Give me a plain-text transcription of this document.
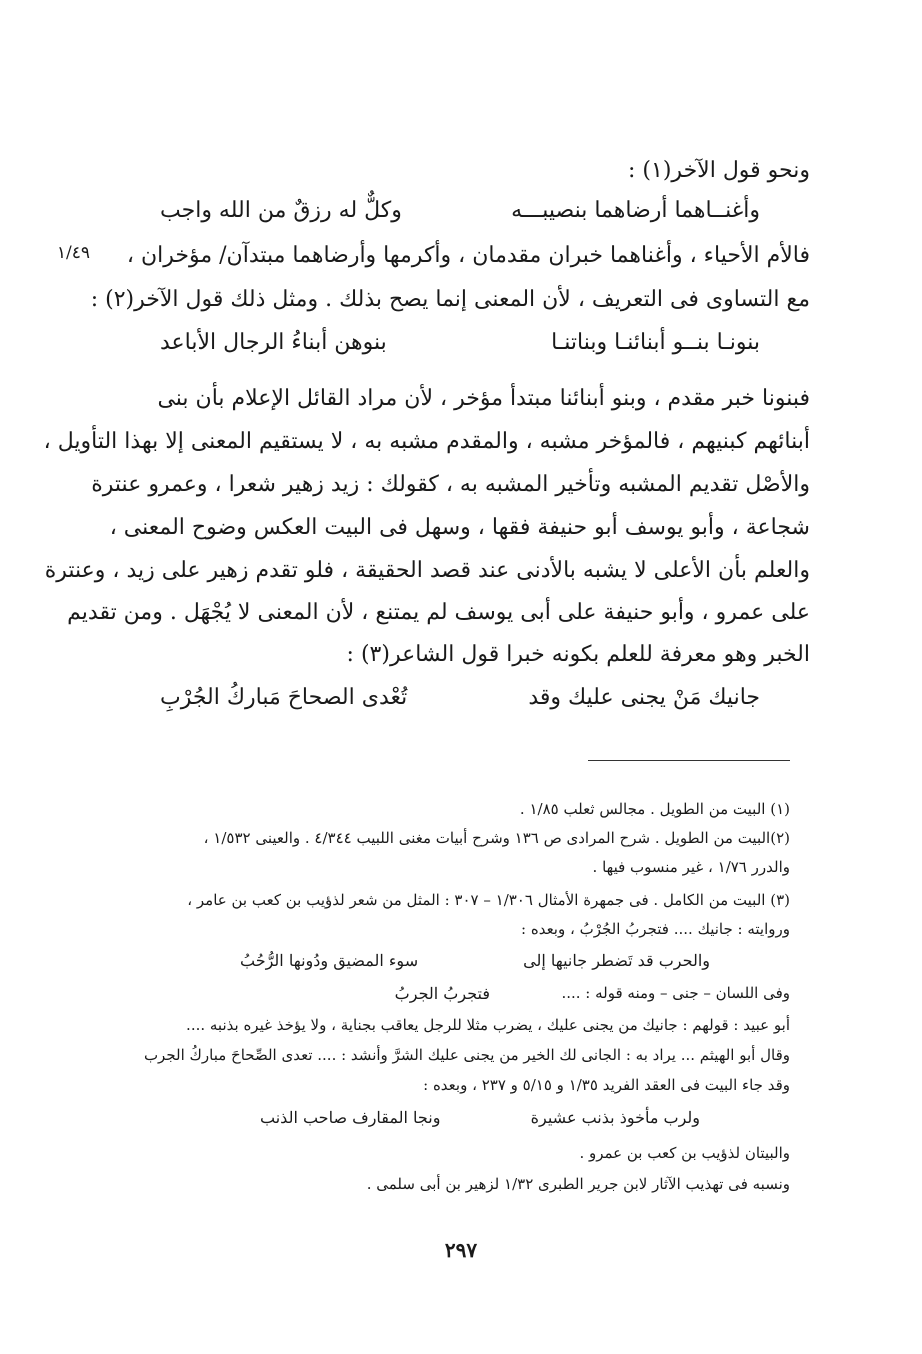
١/٤٩
ونحو قول الآخر(١) :
وأغنــاهما أرضاهما بنصيبـــه
وكلٌّ له رزقٌ من الله واجب
فالأم الأحياء ، وأغناهما خبران مقدمان ، وأكرمها وأرضاهما مبتدآن/ مؤخران ،
مع التساوى فى التعريف ، لأن المعنى إنما يصح بذلك . ومثل ذلك قول الآخر(٢) :
بنونـا بنــو أبنائنـا وبناتنـا
بنوهن أبناءُ الرجال الأباعد
فبنونا خبر مقدم ، وبنو أبنائنا مبتدأ مؤخر ، لأن مراد القائل الإعلام بأن بنى
أبنائهم كبنيهم ، فالمؤخر مشبه ، والمقدم مشبه به ، لا يستقيم المعنى إلا بهذا التأويل ،
والأصْل تقديم المشبه وتأخير المشبه به ، كقولك : زيد زهير شعرا ، وعمرو عنترة
شجاعة ، وأبو يوسف أبو حنيفة فقها ، وسهل فى البيت العكس وضوح المعنى ،
والعلم بأن الأعلى لا يشبه بالأدنى عند قصد الحقيقة ، فلو تقدم زهير على زيد ، وعنترة
على عمرو ، وأبو حنيفة على أبى يوسف لم يمتنع ، لأن المعنى لا يُجْهَل . ومن تقديم
الخبر وهو معرفة للعلم بكونه خبرا قول الشاعر(٣) :
جانيك مَنْ يجنى عليك وقد
تُعْدى الصحاحَ مَباركُ الجُرْبِ
(١) البيت من الطويل . مجالس ثعلب ١/٨٥ .
(٢)البيت من الطويل . شرح المرادى ص ١٣٦ وشرح أبيات مغنى اللبيب ٤/٣٤٤ . والعينى ١/٥٣٢ ،
والدرر ١/٧٦ ، غير منسوب فيها .
(٣) البيت من الكامل . فى جمهرة الأمثال ١/٣٠٦ – ٣٠٧ : المثل من شعر لذؤيب بن كعب بن عامر ،
وروايته : جانيك .... فتجربُ الجُرْبُ ، وبعده :
والحرب قد تَضطر جانيها إلى
سوء المضيق ودُونها الرُّحُبُ
وفى اللسان – جنى – ومنه قوله : ....
فتجربُ الجربُ
أبو عبيد : قولهم : جانيك من يجنى عليك ، يضرب مثلا للرجل يعاقب بجناية ، ولا يؤخذ غيره بذنبه ....
وقال أبو الهيثم ... يراد به : الجانى لك الخير من يجنى عليك الشرَّ وأنشد : .... تعدى الصِّحاحَ مباركُ الجرب
وقد جاء البيت فى العقد الفريد ١/٣٥ و ٥/١٥ و ٢٣٧ ، وبعده :
ولرب مأخوذ بذنب عشيرة
ونجا المقارف صاحب الذنب
والبيتان لذؤيب بن كعب بن عمرو .
ونسبه فى تهذيب الآثار لابن جرير الطبرى ١/٣٢ لزهير بن أبى سلمى .
٢٩٧
